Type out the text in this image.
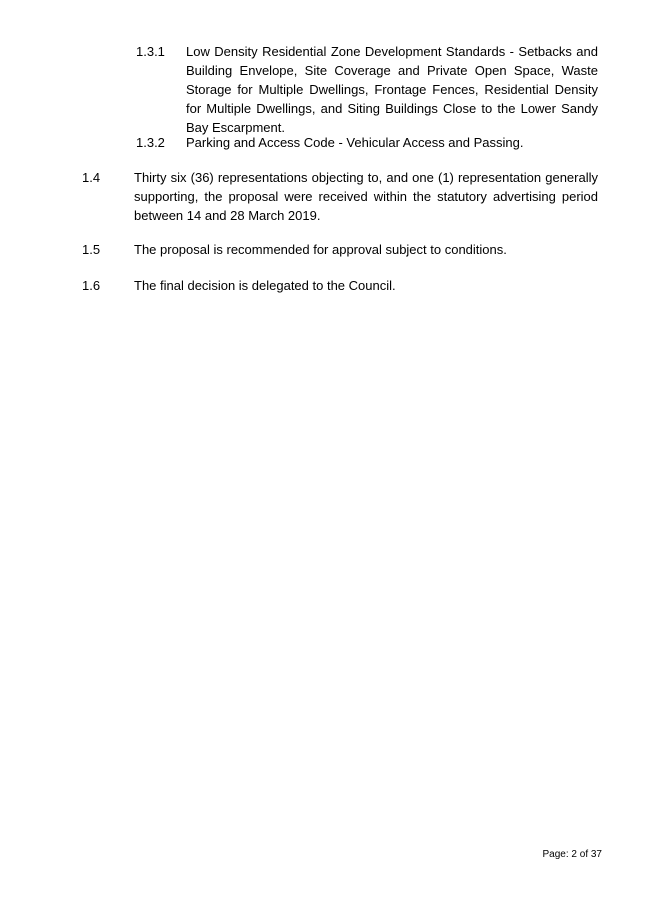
1.3.1	Low Density Residential Zone Development Standards - Setbacks and Building Envelope, Site Coverage and Private Open Space, Waste Storage for Multiple Dwellings, Frontage Fences, Residential Density for Multiple Dwellings, and Siting Buildings Close to the Lower Sandy Bay Escarpment.
1.3.2	Parking and Access Code - Vehicular Access and Passing.
1.4	Thirty six (36) representations objecting to, and one (1) representation generally supporting, the proposal were received within the statutory advertising period between 14 and 28 March 2019.
1.5	The proposal is recommended for approval subject to conditions.
1.6	The final decision is delegated to the Council.
Page: 2 of 37
